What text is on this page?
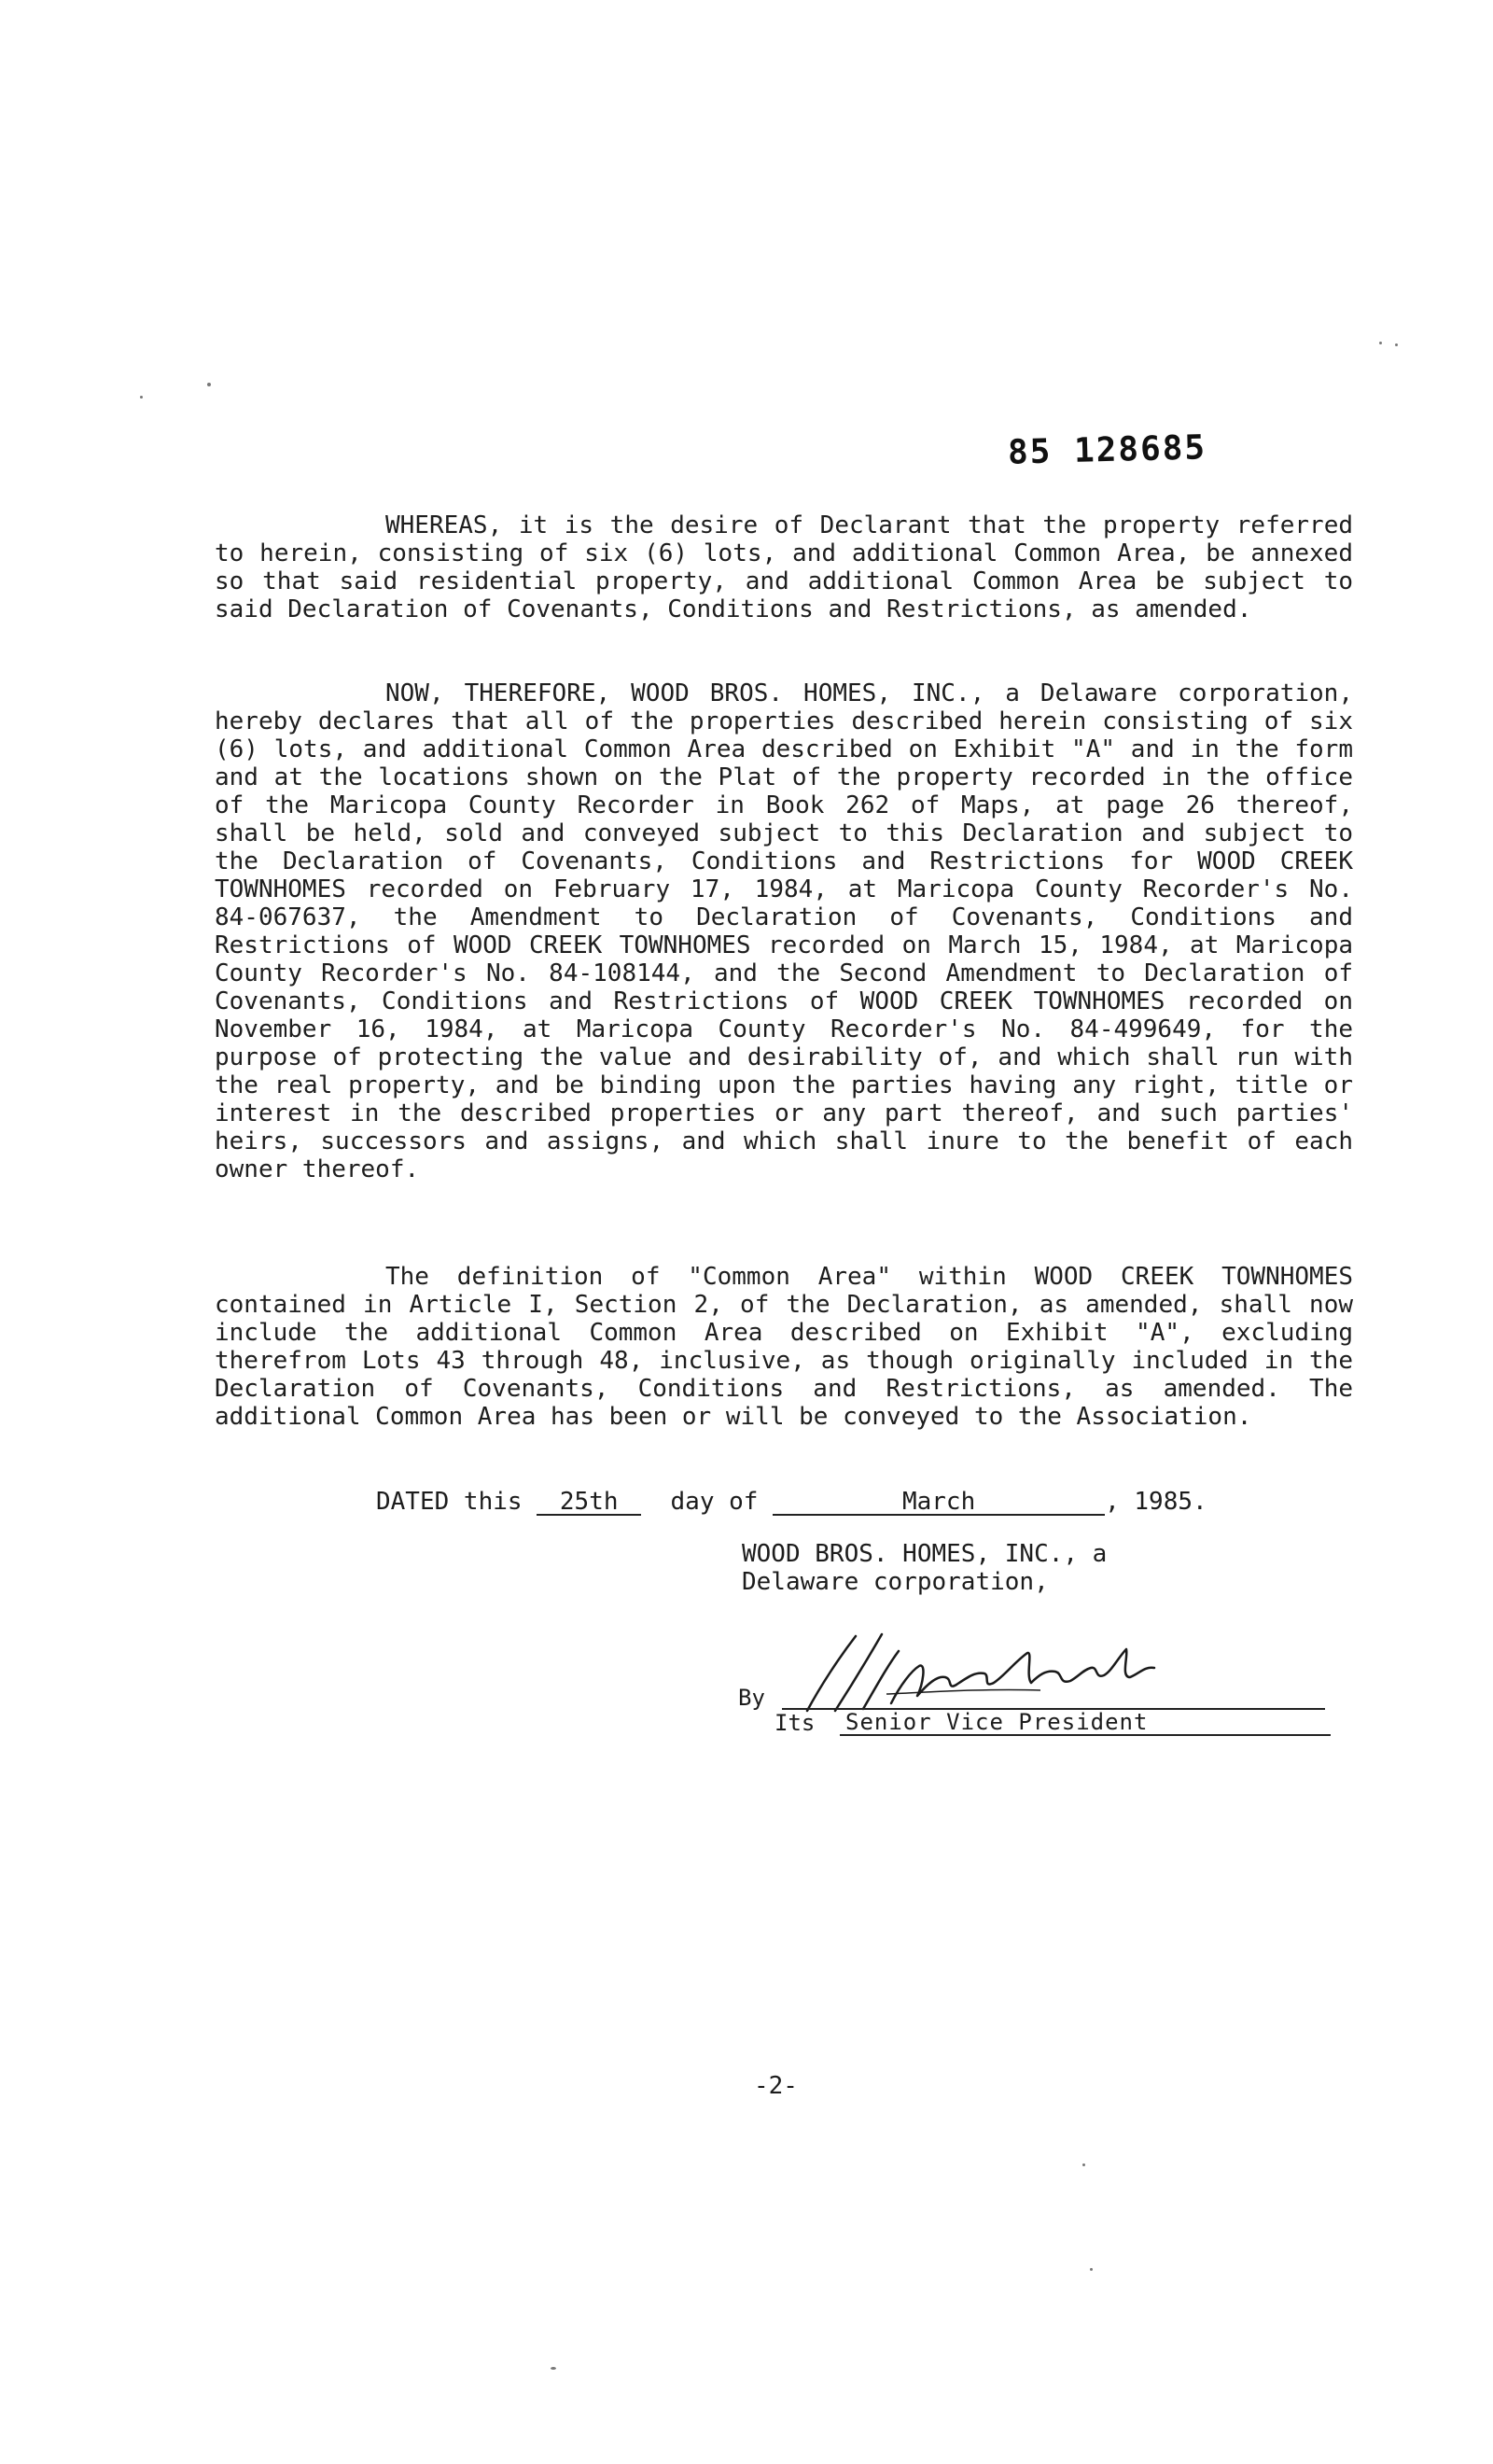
85 128685

WHEREAS, it is the desire of Declarant that the property referred to herein, consisting of six (6) lots, and additional Common Area, be annexed so that said residential property, and additional Common Area be subject to said Declaration of Covenants, Conditions and Restrictions, as amended.

NOW, THEREFORE, WOOD BROS. HOMES, INC., a Delaware corporation, hereby declares that all of the properties described herein consisting of six (6) lots, and additional Common Area described on Exhibit "A" and in the form and at the locations shown on the Plat of the property recorded in the office of the Maricopa County Recorder in Book 262 of Maps, at page 26 thereof, shall be held, sold and conveyed subject to this Declaration and subject to the Declaration of Covenants, Conditions and Restrictions for WOOD CREEK TOWNHOMES recorded on February 17, 1984, at Maricopa County Recorder's No. 84-067637, the Amendment to Declaration of Covenants, Conditions and Restrictions of WOOD CREEK TOWNHOMES recorded on March 15, 1984, at Maricopa County Recorder's No. 84-108144, and the Second Amendment to Declaration of Covenants, Conditions and Restrictions of WOOD CREEK TOWNHOMES recorded on November 16, 1984, at Maricopa County Recorder's No. 84-499649, for the purpose of protecting the value and desirability of, and which shall run with the real property, and be binding upon the parties having any right, title or interest in the described properties or any part thereof, and such parties' heirs, successors and assigns, and which shall inure to the benefit of each owner thereof.

The definition of "Common Area" within WOOD CREEK TOWNHOMES contained in Article I, Section 2, of the Declaration, as amended, shall now include the additional Common Area described on Exhibit "A", excluding therefrom Lots 43 through 48, inclusive, as though originally included in the Declaration of Covenants, Conditions and Restrictions, as amended. The additional Common Area has been or will be conveyed to the Association.

DATED this 25th day of	March	, 1985.
WOOD BROS. HOMES, INC., a
Delaware corporation,
By
Its Senior Vice President
-2-
